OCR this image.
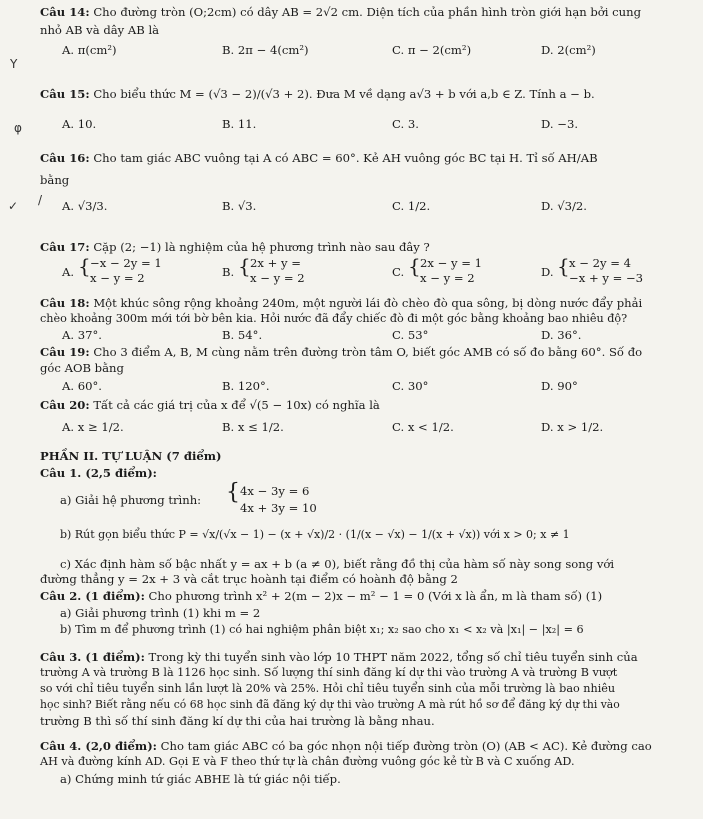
Y
φ
✓ /
Câu 14: Cho đường tròn (O;2cm) có dây AB = 2√2 cm. Diện tích của phần hình tròn giới hạn bởi cung
nhỏ AB và dây AB là
A. π(cm²)	B. 2π − 4(cm²)	C. π − 2(cm²)	D. 2(cm²)
Câu 15: Cho biểu thức M = (√3 − 2)/(√3 + 2). Đưa M về dạng a√3 + b với a,b ∈ Z. Tính a − b.
A. 10.	B. 11.	C. 3.	D. −3.
Câu 16: Cho tam giác ABC vuông tại A có ABC = 60°. Kẻ AH vuông góc BC tại H. Tỉ số AH/AB
bằng
A. √3/3.	B. √3.	C. 1/2.	D. √3/2.
Câu 17: Cặp (2; −1) là nghiệm của hệ phương trình nào sau đây ?
A. { −x − 2y = 1
x − y = 2	B. { 2x + y =
x − y = 2	C. { 2x − y = 1
x − y = 2	D. { x − 2y = 4
−x + y = −3
Câu 18: Một khúc sông rộng khoảng 240m, một người lái đò chèo đò qua sông, bị dòng nước đẩy phải
chèo khoảng 300m mới tới bờ bên kia. Hỏi nước đã đẩy chiếc đò đi một góc bằng khoảng bao nhiêu độ?
A. 37°.	B. 54°.	C. 53°	D. 36°.
Câu 19: Cho 3 điểm A, B, M cùng nằm trên đường tròn tâm O, biết góc AMB có số đo bằng 60°. Số đo
góc AOB bằng
A. 60°.	B. 120°.	C. 30°	D. 90°
Câu 20: Tất cả các giá trị của x để √(5 − 10x) có nghĩa là
A. x ≥ 1/2.	B. x ≤ 1/2.	C. x < 1/2.	D. x > 1/2.
PHẦN II. TỰ LUẬN (7 điểm)
Câu 1. (2,5 điểm):
a) Giải hệ phương trình: { 4x − 3y = 6
4x + 3y = 10
b) Rút gọn biểu thức P = √x/(√x − 1) − (x + √x)/2 · (1/(x − √x) − 1/(x + √x)) với x > 0; x ≠ 1
c) Xác định hàm số bậc nhất y = ax + b (a ≠ 0), biết rằng đồ thị của hàm số này song song với
đường thẳng y = 2x + 3 và cắt trục hoành tại điểm có hoành độ bằng 2
Câu 2. (1 điểm): Cho phương trình x² + 2(m − 2)x − m² − 1 = 0 (Với x là ẩn, m là tham số) (1)
a) Giải phương trình (1) khi m = 2
b) Tìm m để phương trình (1) có hai nghiệm phân biệt x₁; x₂ sao cho x₁ < x₂ và |x₁| − |x₂| = 6
Câu 3. (1 điểm): Trong kỳ thi tuyển sinh vào lớp 10 THPT năm 2022, tổng số chỉ tiêu tuyển sinh của
trường A và trường B là 1126 học sinh. Số lượng thí sinh đăng kí dự thi vào trường A và trường B vượt
so với chỉ tiêu tuyển sinh lần lượt là 20% và 25%. Hỏi chỉ tiêu tuyển sinh của mỗi trường là bao nhiêu
học sinh? Biết rằng nếu có 68 học sinh đã đăng ký dự thi vào trường A mà rút hồ sơ để đăng ký dự thi vào
trường B thì số thí sinh đăng kí dự thi của hai trường là bằng nhau.
Câu 4. (2,0 điểm): Cho tam giác ABC có ba góc nhọn nội tiếp đường tròn (O) (AB < AC). Kẻ đường cao
AH và đường kính AD. Gọi E và F theo thứ tự là chân đường vuông góc kẻ từ B và C xuống AD.
a) Chứng minh tứ giác ABHE là tứ giác nội tiếp.
